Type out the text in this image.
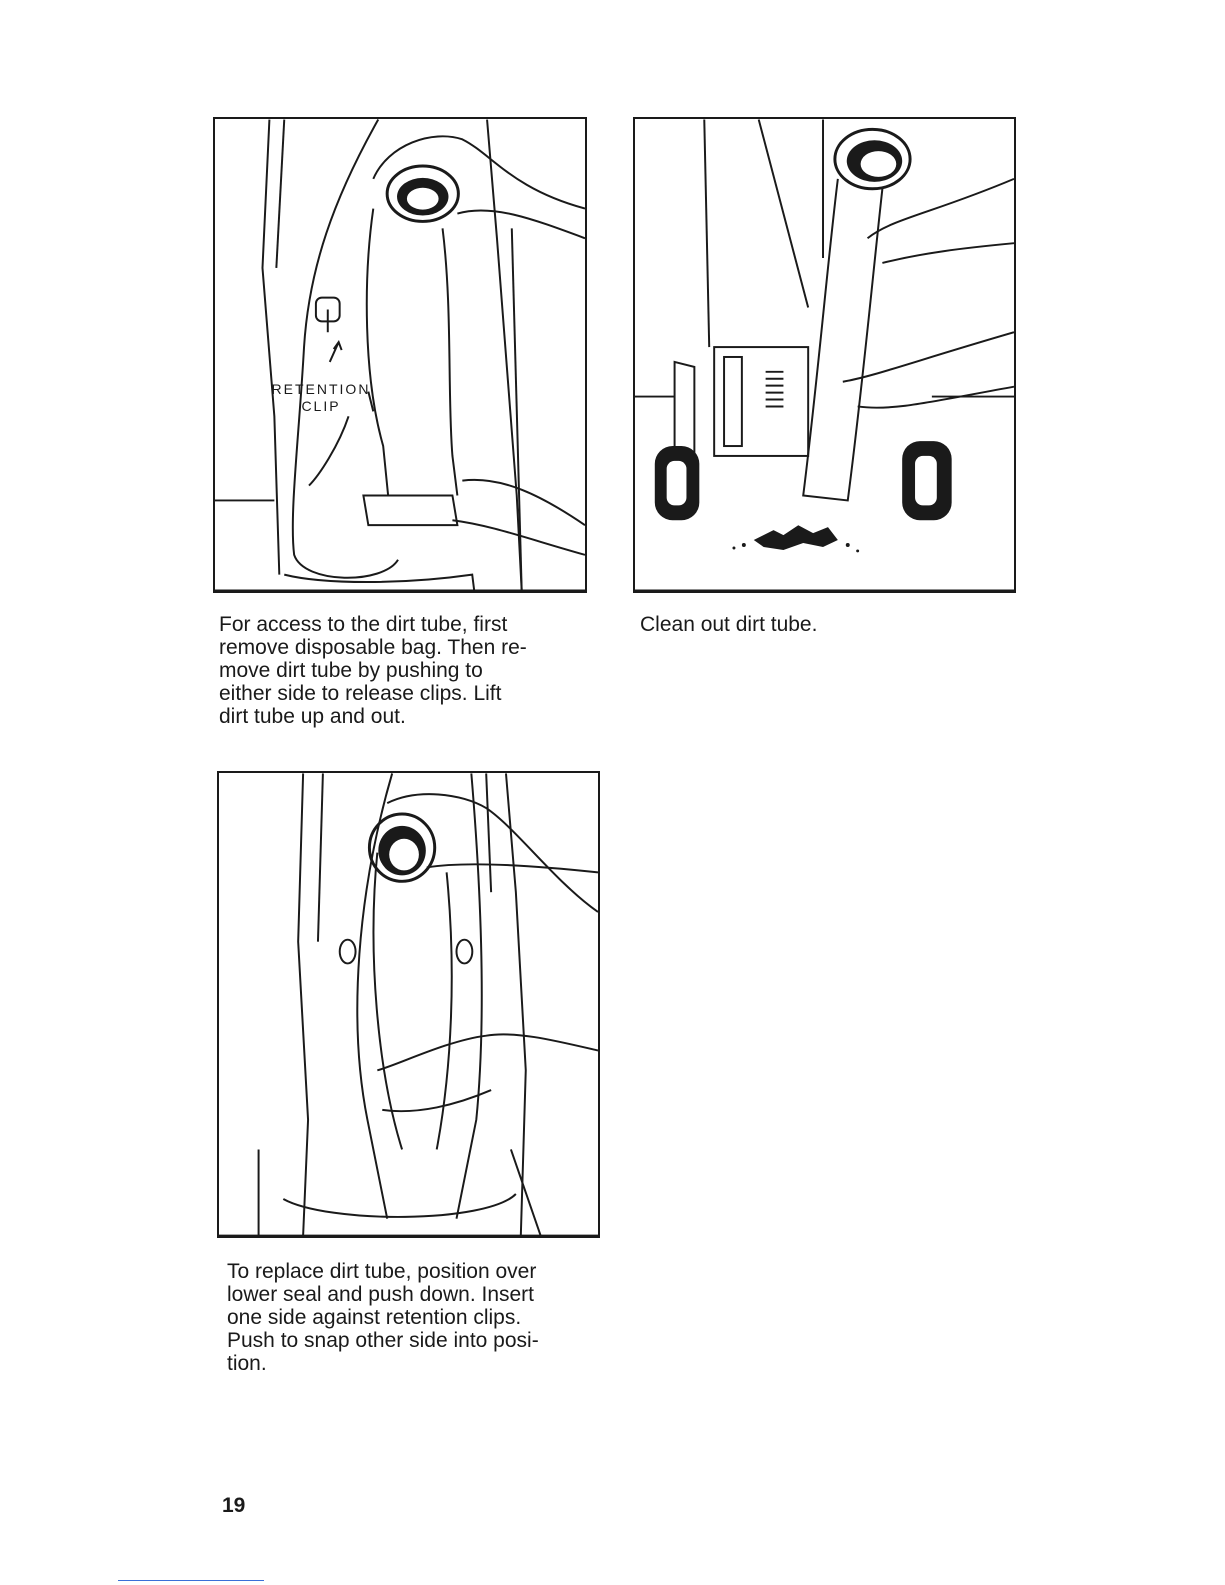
RETENTION CLIP
For access to the dirt tube, first
remove disposable bag. Then re-
move dirt tube by pushing to
either side to release clips. Lift
dirt tube up and out.
Clean out dirt tube.
To replace dirt tube, position over
lower seal and push down. Insert
one side against retention clips.
Push to snap other side into posi-
tion.
19
